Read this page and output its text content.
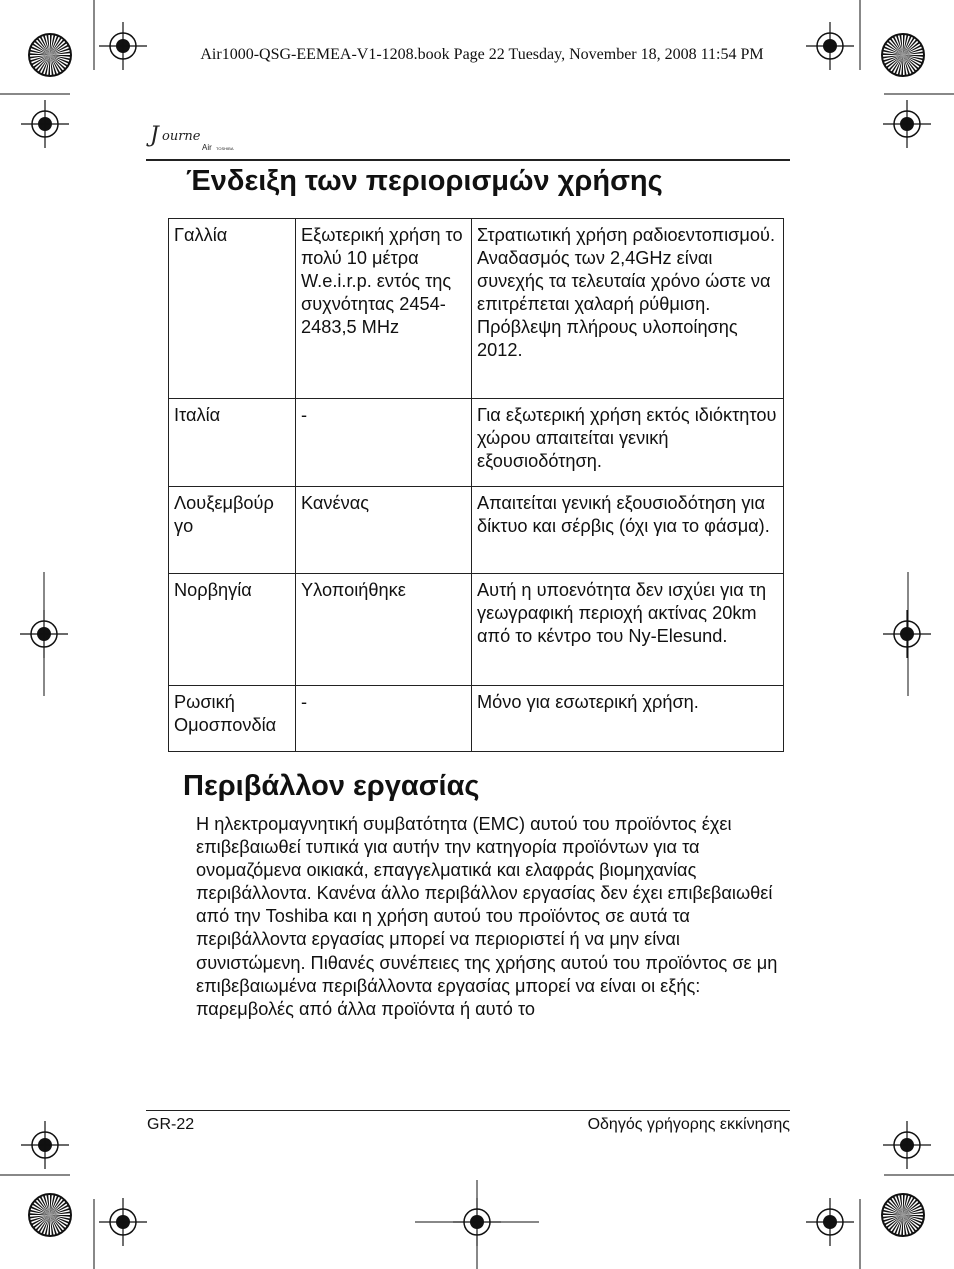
Air1000-QSG-EEMEA-V1-1208.book Page 22 Tuesday, November 18, 2008 11:54 PM
J ourne
Air TOSHIBA
Ένδειξη των περιορισμών χρήσης
Γαλλία	Εξωτερική χρήση το πολύ 10 μέτρα W.e.i.r.p. εντός της συχνότητας 2454-2483,5 MHz	Στρατιωτική χρήση ραδιοεντοπισμού. Αναδασμός των 2,4GHz είναι συνεχής τα τελευταία χρόνο ώστε να επιτρέπεται χαλαρή ρύθμιση. Πρόβλεψη πλήρους υλοποίησης 2012.
Ιταλία	-	Για εξωτερική χρήση εκτός ιδιόκτητου χώρου απαιτείται γενική εξουσιοδότηση.
Λουξεμβούρ γο	Κανένας	Απαιτείται γενική εξουσιοδότηση για δίκτυο και σέρβις (όχι για το φάσμα).
Νορβηγία	Υλοποιήθηκε	Αυτή η υποενότητα δεν ισχύει για τη γεωγραφική περιοχή ακτίνας 20km από το κέντρο του Ny-Elesund.
Ρωσική Ομοσπονδία	-	Μόνο για εσωτερική χρήση.
Περιβάλλον εργασίας

Η ηλεκτρομαγνητική συμβατότητα (EMC) αυτού του προϊόντος έχει επιβεβαιωθεί τυπικά για αυτήν την κατηγορία προϊόντων για τα ονομαζόμενα οικιακά, επαγγελματικά και ελαφράς βιομηχανίας περιβάλλοντα. Κανένα άλλο περιβάλλον εργασίας δεν έχει επιβεβαιωθεί από την Toshiba και η χρήση αυτού του προϊόντος σε αυτά τα περιβάλλοντα εργασίας μπορεί να περιοριστεί ή να μην είναι συνιστώμενη. Πιθανές συνέπειες της χρήσης αυτού του προϊόντος σε μη επιβεβαιωμένα περιβάλλοντα εργασίας μπορεί να είναι οι εξής: παρεμβολές από άλλα προϊόντα ή αυτό το

GR-22	Οδηγός γρήγορης εκκίνησης
